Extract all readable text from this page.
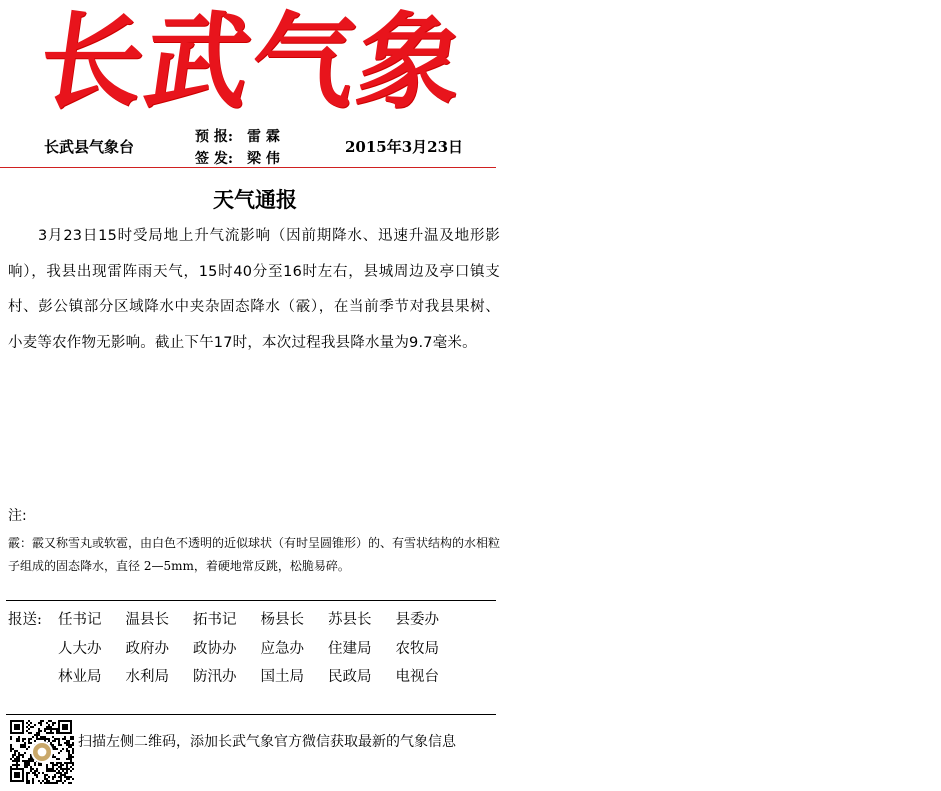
长武气象
长武县气象台
预 报: 雷 霖
签 发: 梁 伟
2015年3月23日
天气通报
3月23日15时受局地上升气流影响（因前期降水、迅速升温及地形影响），我县出现雷阵雨天气，15时40分至16时左右，县城周边及亭口镇支村、彭公镇部分区域降水中夹杂固态降水（霰），在当前季节对我县果树、小麦等农作物无影响。截止下午17时，本次过程我县降水量为9.7毫米。
注:
霰：霰又称雪丸或软雹，由白色不透明的近似球状（有时呈圆锥形）的、有雪状结构的水相粒子组成的固态降水，直径 2—5mm，着硬地常反跳，松脆易碎。
报送: 任书记	温县长	拓书记	杨县长	苏县长	县委办
人大办	政府办	政协办	应急办	住建局	农牧局
林业局	水利局	防汛办	国土局	民政局	电视台
扫描左侧二维码，添加长武气象官方微信获取最新的气象信息
